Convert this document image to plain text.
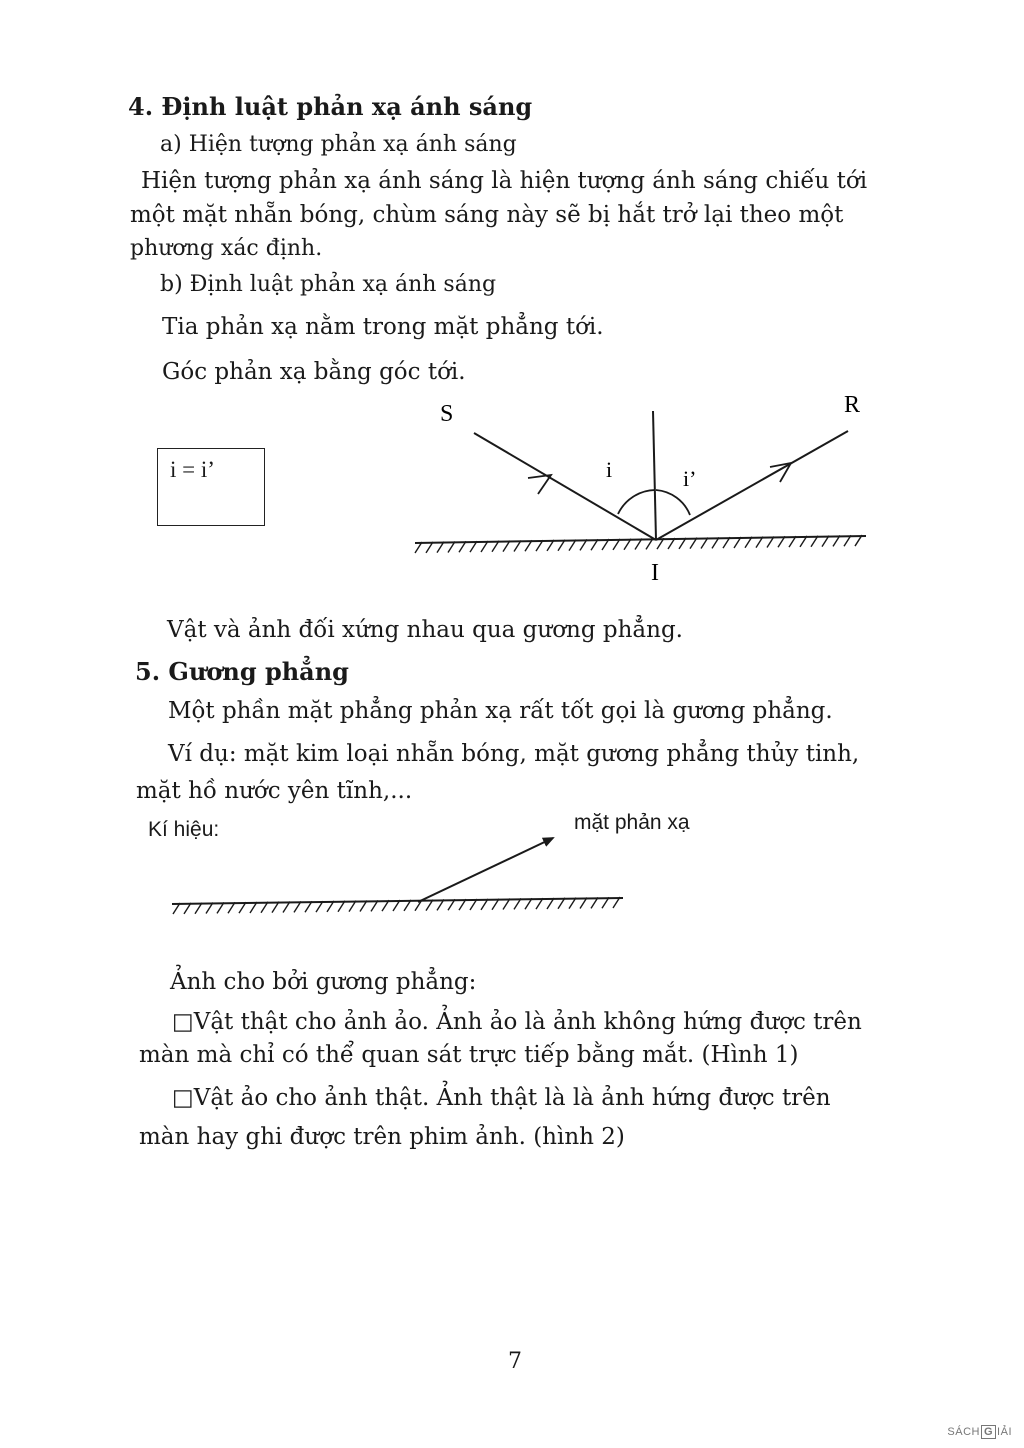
4. Định luật phản xạ ánh sáng
a) Hiện tượng phản xạ ánh sáng
Hiện tượng phản xạ ánh sáng là hiện tượng ánh sáng chiếu tới
một mặt nhẵn bóng, chùm sáng này sẽ bị hắt trở lại theo một
phương xác định.
b) Định luật phản xạ ánh sáng
Tia phản xạ nằm trong mặt phẳng tới.
Góc phản xạ bằng góc tới.
i = i’
S	R
i	i’
I
Vật và ảnh đối xứng nhau qua gương phẳng.
5. Gương phẳng
Một phần mặt phẳng phản xạ rất tốt gọi là gương phẳng.
Ví dụ: mặt kim loại nhẵn bóng, mặt gương phẳng thủy tinh,
mặt hồ nước yên tĩnh,...
Kí hiệu:	mặt phản xạ
Ảnh cho bởi gương phẳng:
□Vật thật cho ảnh ảo. Ảnh ảo là ảnh không hứng được trên
màn mà chỉ có thể quan sát trực tiếp bằng mắt. (Hình 1)
□Vật ảo cho ảnh thật. Ảnh thật là là ảnh hứng được trên
màn hay ghi được trên phim ảnh. (hình 2)
7
SÁCH G IẢI
